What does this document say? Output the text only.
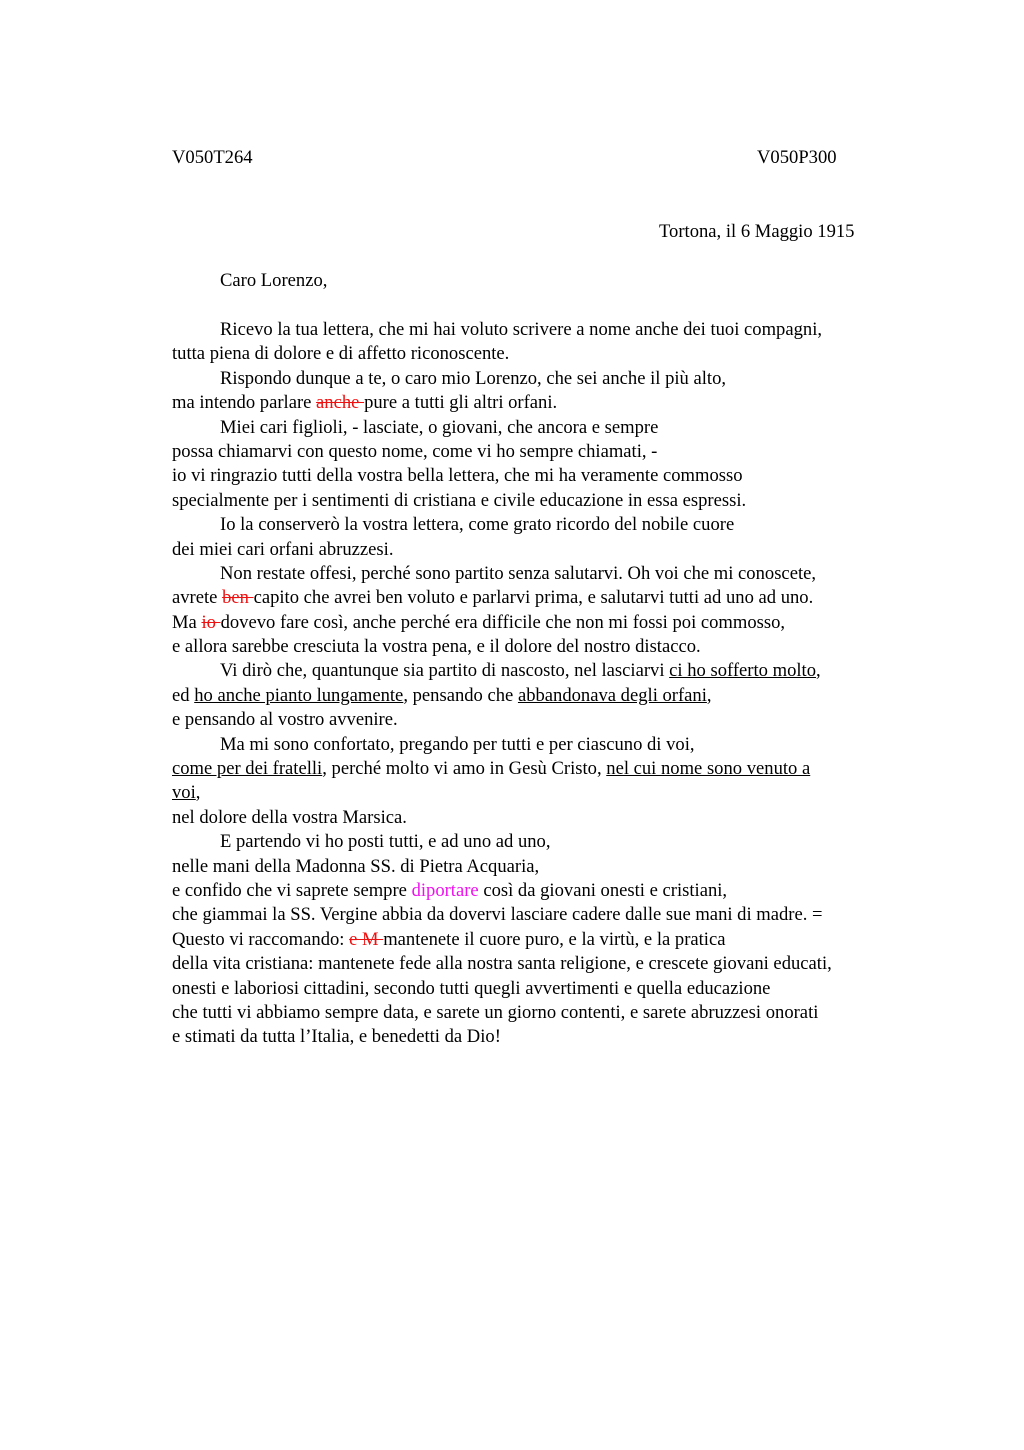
V050T264	V050P300
Tortona, il 6 Maggio 1915
Caro Lorenzo,
Ricevo la tua lettera, che mi hai voluto scrivere a nome anche dei tuoi compagni,
tutta piena di dolore e di affetto riconoscente.
Rispondo dunque a te, o caro mio Lorenzo, che sei anche il più alto,
ma intendo parlare anche pure a tutti gli altri orfani.
Miei cari figlioli, - lasciate, o giovani, che ancora e sempre
possa chiamarvi con questo nome, come vi ho sempre chiamati, -
io vi ringrazio tutti della vostra bella lettera, che mi ha veramente commosso
specialmente per i sentimenti di cristiana e civile educazione in essa espressi.
Io la conserverò la vostra lettera, come grato ricordo del nobile cuore
dei miei cari orfani abruzzesi.
Non restate offesi, perché sono partito senza salutarvi. Oh voi che mi conoscete,
avrete ben capito che avrei ben voluto e parlarvi prima, e salutarvi tutti ad uno ad uno.
Ma io dovevo fare così, anche perché era difficile che non mi fossi poi commosso,
e allora sarebbe cresciuta la vostra pena, e il dolore del nostro distacco.
Vi dirò che, quantunque sia partito di nascosto, nel lasciarvi ci ho sofferto molto,
ed ho anche pianto lungamente, pensando che abbandonava degli orfani,
e pensando al vostro avvenire.
Ma mi sono confortato, pregando per tutti e per ciascuno di voi,
come per dei fratelli, perché molto vi amo in Gesù Cristo, nel cui nome sono venuto a
voi,
nel dolore della vostra Marsica.
E partendo vi ho posti tutti, e ad uno ad uno,
nelle mani della Madonna SS. di Pietra Acquaria,
e confido che vi saprete sempre diportare così da giovani onesti e cristiani,
che giammai la SS. Vergine abbia da dovervi lasciare cadere dalle sue mani di madre. =
Questo vi raccomando: e M mantenete il cuore puro, e la virtù, e la pratica
della vita cristiana: mantenete fede alla nostra santa religione, e crescete giovani educati,
onesti e laboriosi cittadini, secondo tutti quegli avvertimenti e quella educazione
che tutti vi abbiamo sempre data, e sarete un giorno contenti, e sarete abruzzesi onorati
e stimati da tutta l’Italia, e benedetti da Dio!
